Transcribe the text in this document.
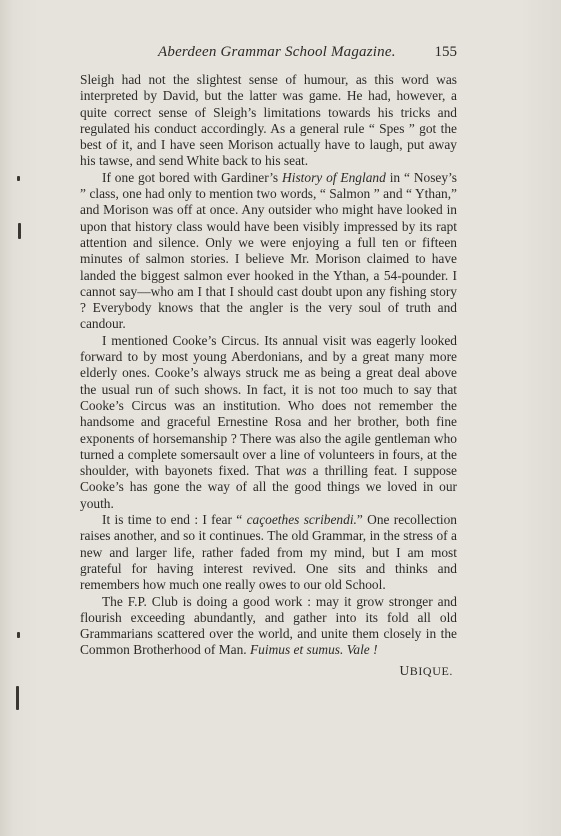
Aberdeen Grammar School Magazine.	155

Sleigh had not the slightest sense of humour, as this word was interpreted by David, but the latter was game. He had, however, a quite correct sense of Sleigh’s limitations towards his tricks and regulated his conduct accordingly. As a general rule “ Spes ” got the best of it, and I have seen Morison actually have to laugh, put away his tawse, and send White back to his seat.

If one got bored with Gardiner’s History of England in “ Nosey’s ” class, one had only to mention two words, “ Salmon ” and “ Ythan,” and Morison was off at once. Any outsider who might have looked in upon that history class would have been visibly impressed by its rapt attention and silence. Only we were enjoying a full ten or fifteen minutes of salmon stories. I believe Mr. Morison claimed to have landed the biggest salmon ever hooked in the Ythan, a 54-pounder. I cannot say—who am I that I should cast doubt upon any fishing story ? Everybody knows that the angler is the very soul of truth and candour.

I mentioned Cooke’s Circus. Its annual visit was eagerly looked forward to by most young Aberdonians, and by a great many more elderly ones. Cooke’s always struck me as being a great deal above the usual run of such shows. In fact, it is not too much to say that Cooke’s Circus was an institution. Who does not remember the handsome and graceful Ernestine Rosa and her brother, both fine exponents of horsemanship ? There was also the agile gentleman who turned a complete somersault over a line of volunteers in fours, at the shoulder, with bayonets fixed. That was a thrilling feat. I suppose Cooke’s has gone the way of all the good things we loved in our youth.

It is time to end : I fear “ caçoethes scribendi.” One recollection raises another, and so it continues. The old Grammar, in the stress of a new and larger life, rather faded from my mind, but I am most grateful for having interest revived. One sits and thinks and remembers how much one really owes to our old School.

The F.P. Club is doing a good work : may it grow stronger and flourish exceeding abundantly, and gather into its fold all old Grammarians scattered over the world, and unite them closely in the Common Brotherhood of Man. Fuimus et sumus. Vale !

UBIQUE.
